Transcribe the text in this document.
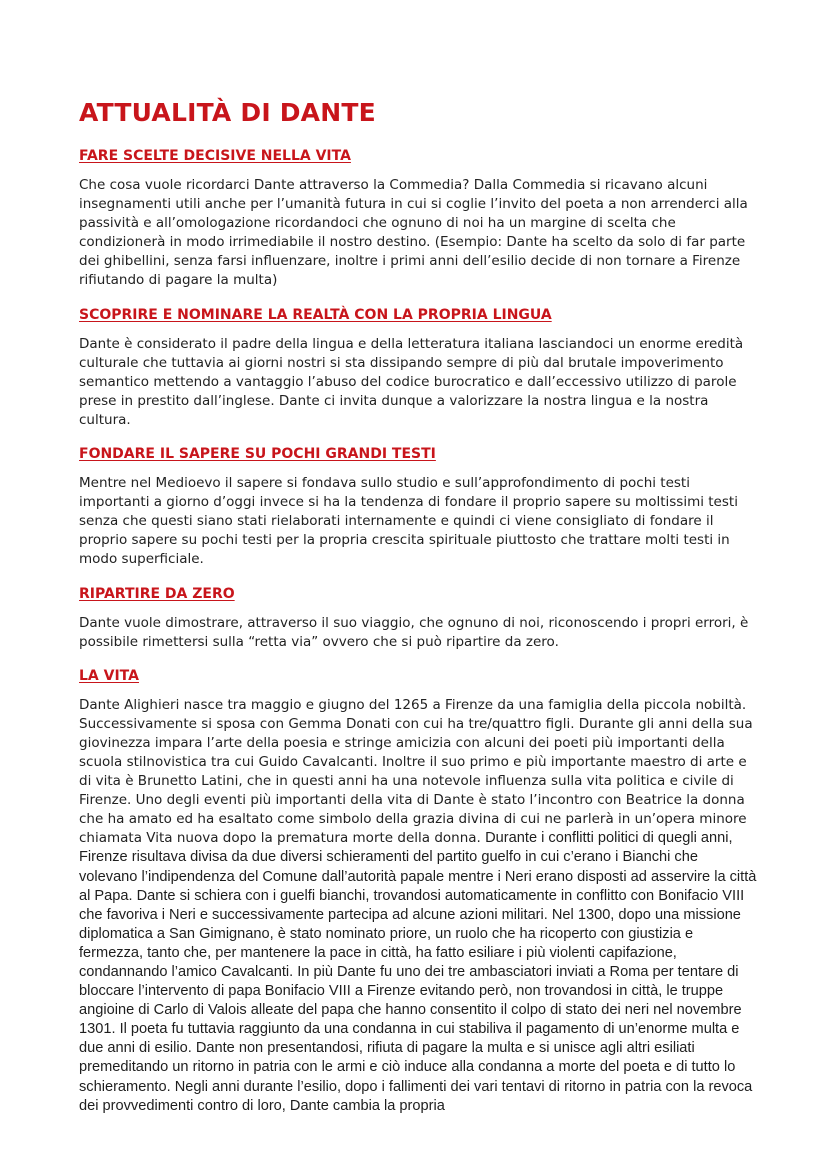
ATTUALITÀ DI DANTE
FARE SCELTE DECISIVE NELLA VITA

Che cosa vuole ricordarci Dante attraverso la Commedia? Dalla Commedia si ricavano alcuni insegnamenti utili anche per l’umanità futura in cui si coglie l’invito del poeta a non arrenderci alla passività e all’omologazione ricordandoci che ognuno di noi ha un margine di scelta che condizionerà in modo irrimediabile il nostro destino. (Esempio: Dante ha scelto da solo di far parte dei ghibellini, senza farsi influenzare, inoltre i primi anni dell’esilio decide di non tornare a Firenze rifiutando di pagare la multa)

SCOPRIRE E NOMINARE LA REALTÀ CON LA PROPRIA LINGUA

Dante è considerato il padre della lingua e della letteratura italiana lasciandoci un enorme eredità culturale che tuttavia ai giorni nostri si sta dissipando sempre di più dal brutale impoverimento semantico mettendo a vantaggio l’abuso del codice burocratico e dall’eccessivo utilizzo di parole prese in prestito dall’inglese. Dante ci invita dunque a valorizzare la nostra lingua e la nostra cultura.

FONDARE IL SAPERE SU POCHI GRANDI TESTI

Mentre nel Medioevo il sapere si fondava sullo studio e sull’approfondimento di pochi testi importanti a giorno d’oggi invece si ha la tendenza di fondare il proprio sapere su moltissimi testi senza che questi siano stati rielaborati internamente e quindi ci viene consigliato di fondare il proprio sapere su pochi testi per la propria crescita spirituale piuttosto che trattare molti testi in modo superficiale.

RIPARTIRE DA ZERO

Dante vuole dimostrare, attraverso il suo viaggio, che ognuno di noi, riconoscendo i propri errori, è possibile rimettersi sulla “retta via” ovvero che si può ripartire da zero.

LA VITA

Dante Alighieri nasce tra maggio e giugno del 1265 a Firenze da una famiglia della piccola nobiltà. Successivamente si sposa con Gemma Donati con cui ha tre/quattro figli. Durante gli anni della sua giovinezza impara l’arte della poesia e stringe amicizia con alcuni dei poeti più importanti della scuola stilnovistica tra cui Guido Cavalcanti. Inoltre il suo primo e più importante maestro di arte e di vita è Brunetto Latini, che in questi anni ha una notevole influenza sulla vita politica e civile di Firenze. Uno degli eventi più importanti della vita di Dante è stato l’incontro con Beatrice la donna che ha amato ed ha esaltato come simbolo della grazia divina di cui ne parlerà in un’opera minore chiamata Vita nuova dopo la prematura morte della donna. Durante i conflitti politici di quegli anni, Firenze risultava divisa da due diversi schieramenti del partito guelfo in cui c’erano i Bianchi che volevano l’indipendenza del Comune dall’autorità papale mentre i Neri erano disposti ad asservire la città al Papa. Dante si schiera con i guelfi bianchi, trovandosi automaticamente in conflitto con Bonifacio VIII che favoriva i Neri e successivamente partecipa ad alcune azioni militari. Nel 1300, dopo una missione diplomatica a San Gimignano, è stato nominato priore, un ruolo che ha ricoperto con giustizia e fermezza, tanto che, per mantenere la pace in città, ha fatto esiliare i più violenti capifazione, condannando l’amico Cavalcanti. In più Dante fu uno dei tre ambasciatori inviati a Roma per tentare di bloccare l’intervento di papa Bonifacio VIII a Firenze evitando però, non trovandosi in città, le truppe angioine di Carlo di Valois alleate del papa che hanno consentito il colpo di stato dei neri nel novembre 1301. Il poeta fu tuttavia raggiunto da una condanna in cui stabiliva il pagamento di un’enorme multa e due anni di esilio. Dante non presentandosi, rifiuta di pagare la multa e si unisce agli altri esiliati premeditando un ritorno in patria con le armi e ciò induce alla condanna a morte del poeta e di tutto lo schieramento. Negli anni durante l’esilio, dopo i fallimenti dei vari tentavi di ritorno in patria con la revoca dei provvedimenti contro di loro, Dante cambia la propria
